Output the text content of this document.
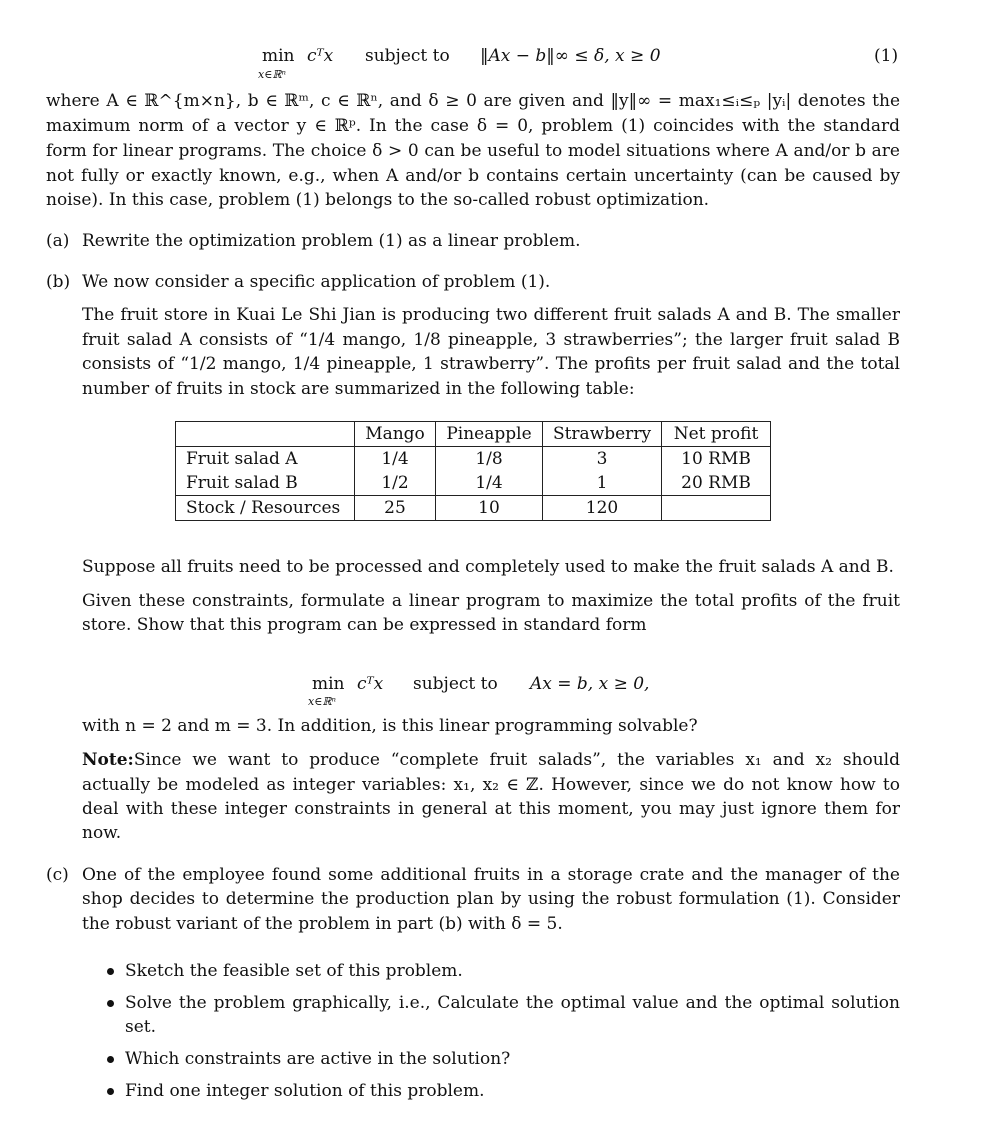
min
x∈ℝⁿ
cᵀx subject to ‖Ax − b‖∞ ≤ δ, x ≥ 0	(1)
where A ∈ ℝ^{m×n}, b ∈ ℝᵐ, c ∈ ℝⁿ, and δ ≥ 0 are given and ‖y‖∞ = max₁≤ᵢ≤ₚ |yᵢ| denotes the
maximum norm of a vector y ∈ ℝᵖ. In the case δ = 0, problem (1) coincides with the standard
form for linear programs. The choice δ > 0 can be useful to model situations where A and/or b are
not fully or exactly known, e.g., when A and/or b contains certain uncertainty (can be caused by
noise). In this case, problem (1) belongs to the so-called robust optimization.
(a) Rewrite the optimization problem (1) as a linear problem.
(b) We now consider a specific application of problem (1).
The fruit store in Kuai Le Shi Jian is producing two different fruit salads A and B. The smaller
fruit salad A consists of “1/4 mango, 1/8 pineapple, 3 strawberries”; the larger fruit salad B
consists of “1/2 mango, 1/4 pineapple, 1 strawberry”. The profits per fruit salad and the total
number of fruits in stock are summarized in the following table:
	Mango	Pineapple	Strawberry	Net profit
Fruit salad A	1/4	1/8	3	10 RMB
Fruit salad B	1/2	1/4	1	20 RMB
Stock / Resources	25	10	120	
Suppose all fruits need to be processed and completely used to make the fruit salads A and B.
Given these constraints, formulate a linear program to maximize the total profits of the fruit
store. Show that this program can be expressed in standard form
min
x∈ℝⁿ
cᵀx subject to Ax = b, x ≥ 0,
with n = 2 and m = 3. In addition, is this linear programming solvable?
Note: Since we want to produce “complete fruit salads”, the variables x₁ and x₂ should
actually be modeled as integer variables: x₁, x₂ ∈ ℤ. However, since we do not know how to
deal with these integer constraints in general at this moment, you may just ignore them for
now.
(c) One of the employee found some additional fruits in a storage crate and the manager of the
shop decides to determine the production plan by using the robust formulation (1). Consider
the robust variant of the problem in part (b) with δ = 5.
Sketch the feasible set of this problem.
Solve the problem graphically, i.e., Calculate the optimal value and the optimal solution
set.
Which constraints are active in the solution?
Find one integer solution of this problem.
